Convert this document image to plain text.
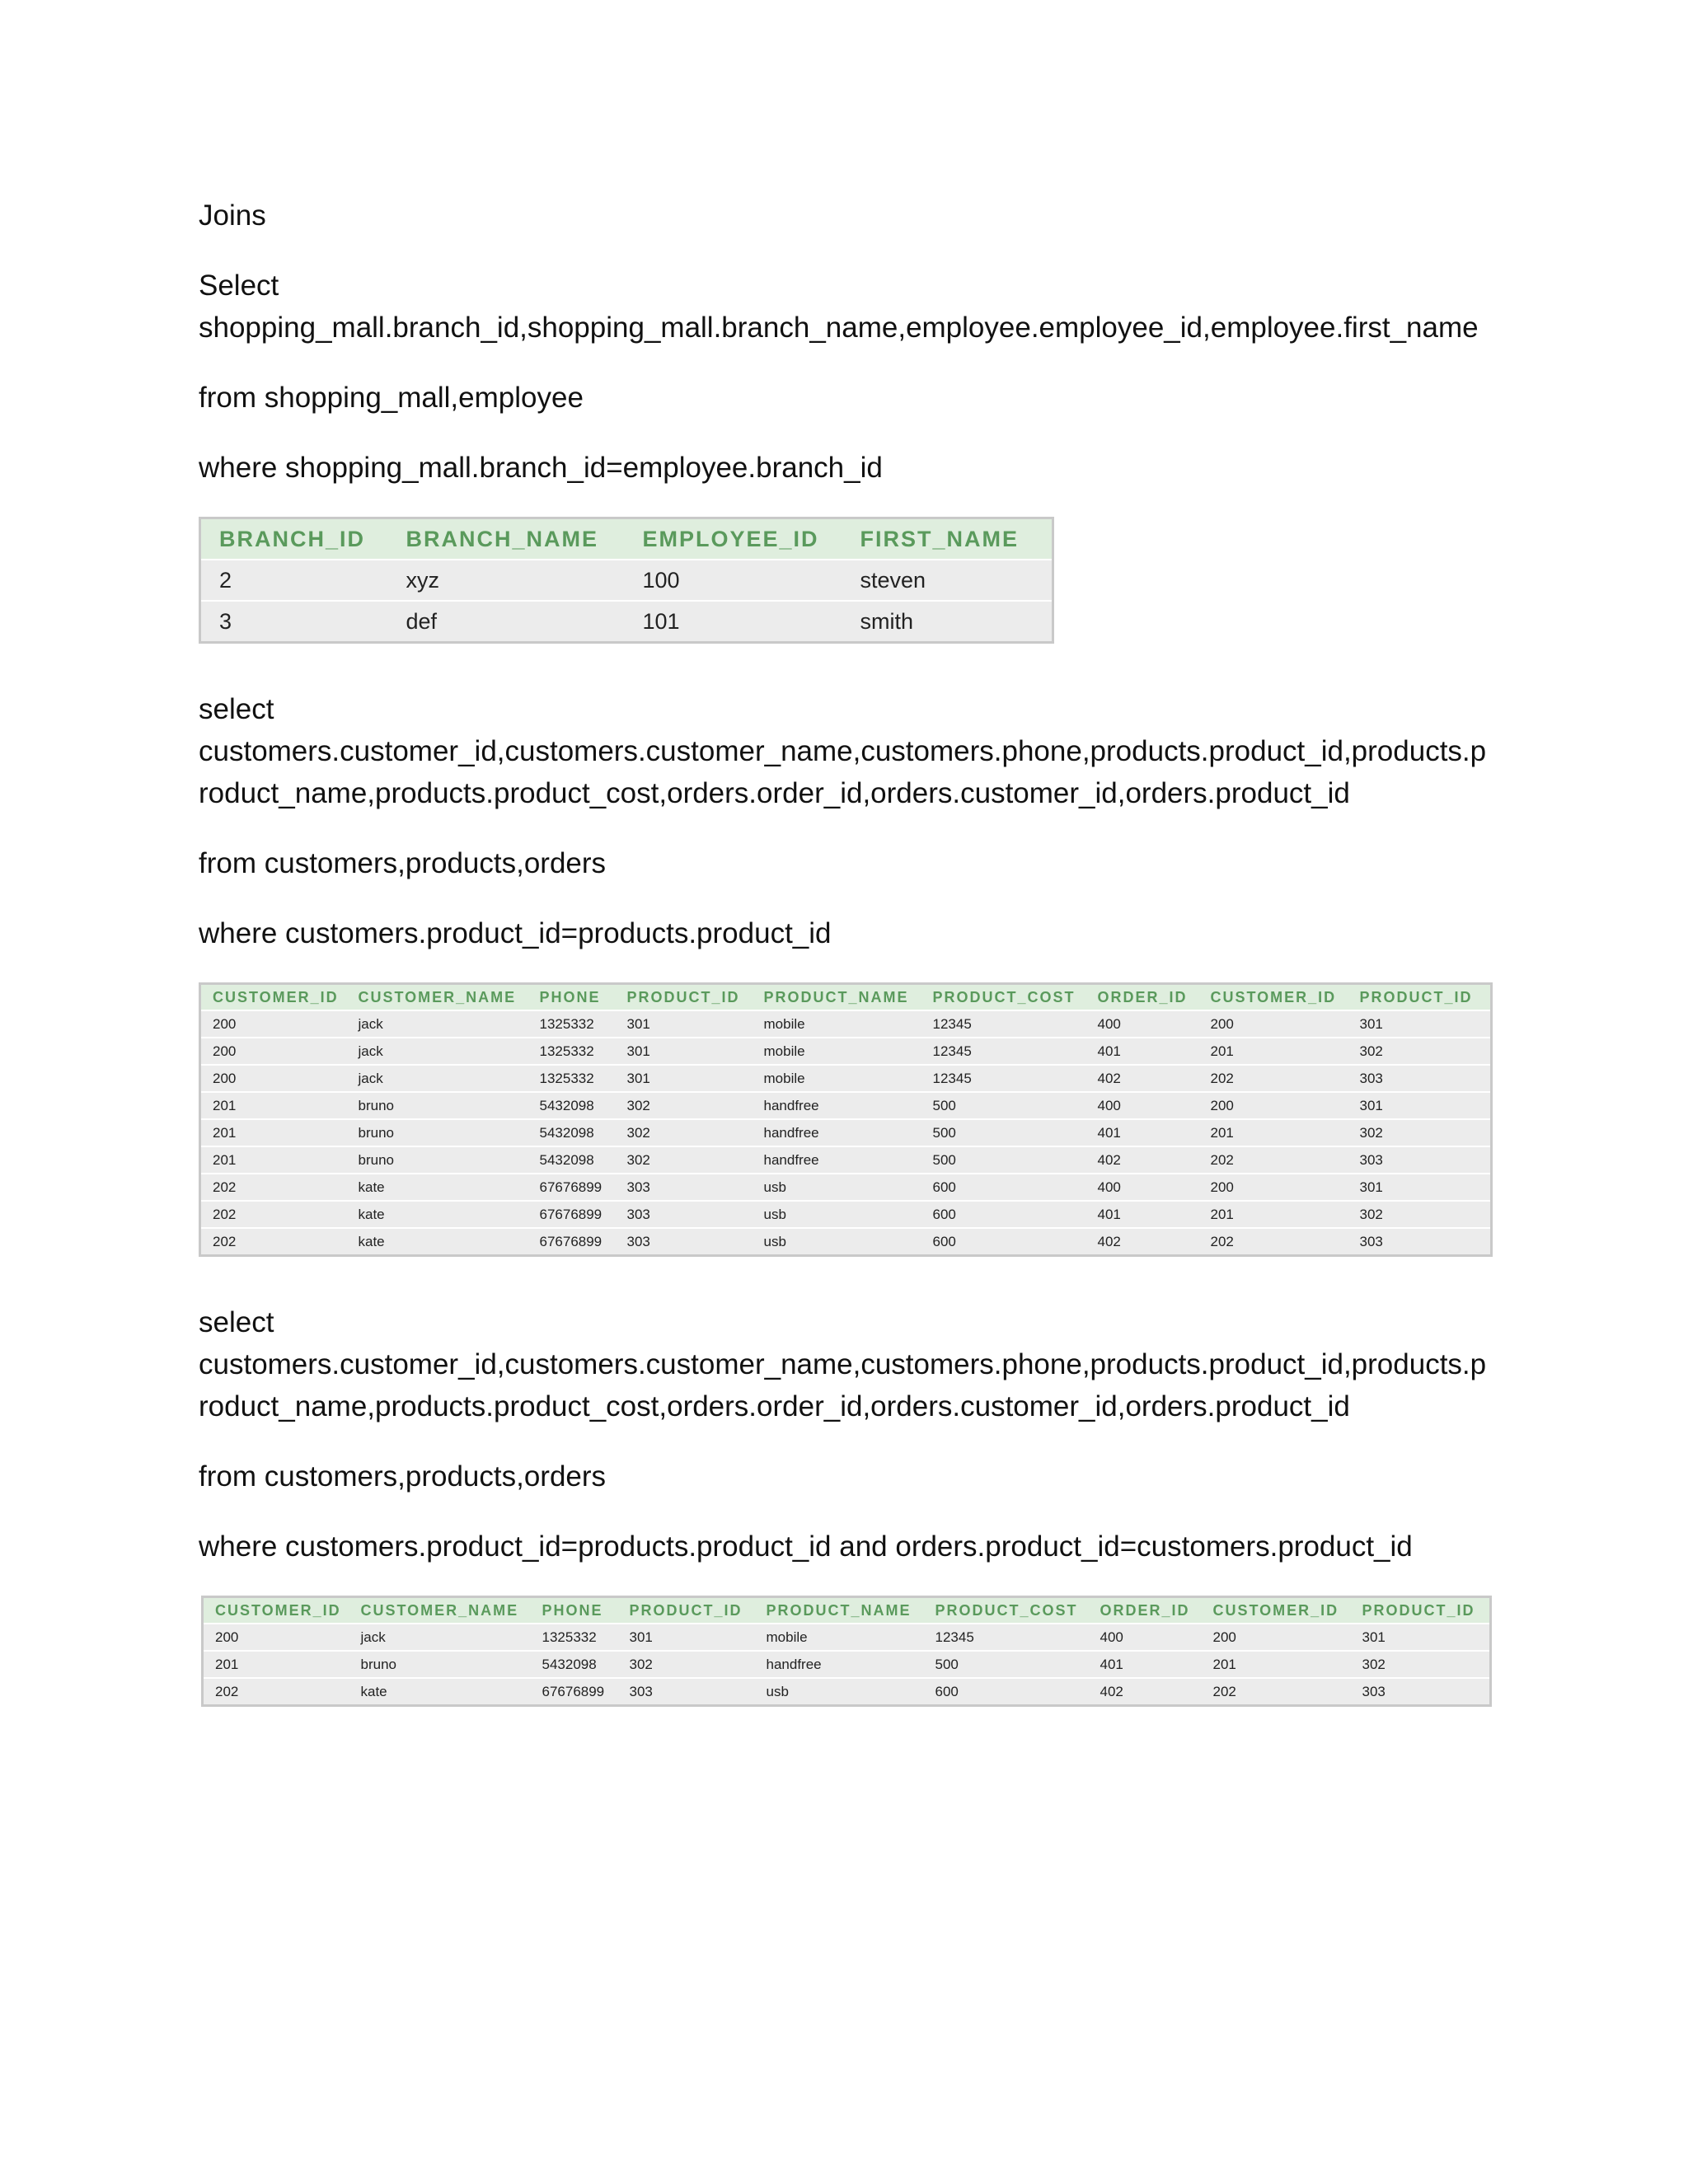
Joins

Select
shopping_mall.branch_id,shopping_mall.branch_name,employee.employee_id,employee.first_name

from shopping_mall,employee

where shopping_mall.branch_id=employee.branch_id

BRANCH_ID	BRANCH_NAME	EMPLOYEE_ID	FIRST_NAME
2	xyz	100	steven
3	def	101	smith

select
customers.customer_id,customers.customer_name,customers.phone,products.product_id,products.product_name,products.product_cost,orders.order_id,orders.customer_id,orders.product_id

from customers,products,orders

where customers.product_id=products.product_id

CUSTOMER_ID	CUSTOMER_NAME	PHONE	PRODUCT_ID	PRODUCT_NAME	PRODUCT_COST	ORDER_ID	CUSTOMER_ID	PRODUCT_ID
200	jack	1325332	301	mobile	12345	400	200	301
200	jack	1325332	301	mobile	12345	401	201	302
200	jack	1325332	301	mobile	12345	402	202	303
201	bruno	5432098	302	handfree	500	400	200	301
201	bruno	5432098	302	handfree	500	401	201	302
201	bruno	5432098	302	handfree	500	402	202	303
202	kate	67676899	303	usb	600	400	200	301
202	kate	67676899	303	usb	600	401	201	302
202	kate	67676899	303	usb	600	402	202	303

select
customers.customer_id,customers.customer_name,customers.phone,products.product_id,products.product_name,products.product_cost,orders.order_id,orders.customer_id,orders.product_id

from customers,products,orders

where customers.product_id=products.product_id and orders.product_id=customers.product_id

CUSTOMER_ID	CUSTOMER_NAME	PHONE	PRODUCT_ID	PRODUCT_NAME	PRODUCT_COST	ORDER_ID	CUSTOMER_ID	PRODUCT_ID
200	jack	1325332	301	mobile	12345	400	200	301
201	bruno	5432098	302	handfree	500	401	201	302
202	kate	67676899	303	usb	600	402	202	303
